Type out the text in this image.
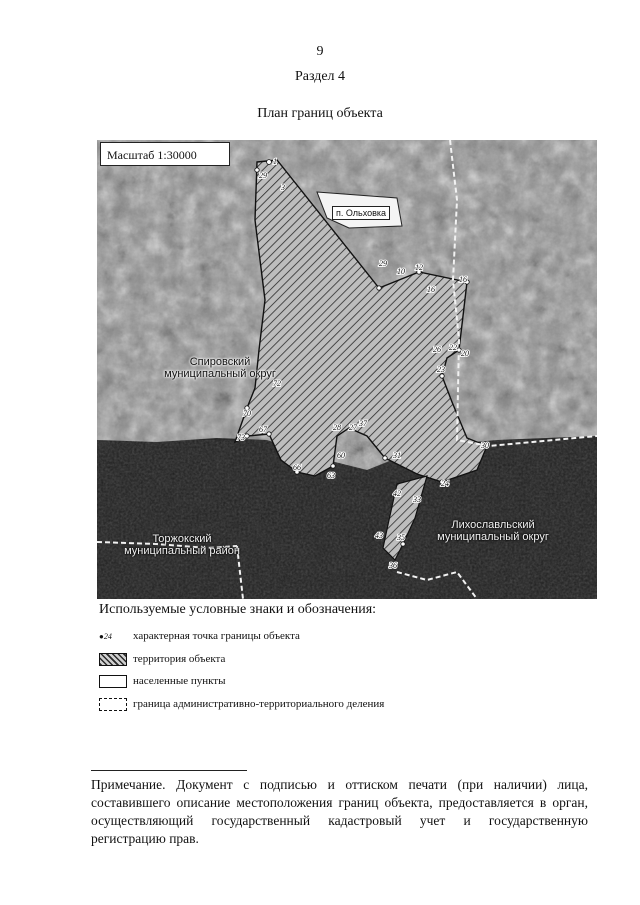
9
Раздел 4
План границ объекта
29
1
3
29
10 12
16
16
26 22
20
23
30
24
31
33
42
28 27
60
63
66
67
70
73
72
43 35
36
37
Масштаб 1:30000
п. Ольховка
Спировский
муниципальный округ
Торжокский
муниципальный район
Лихославльский
муниципальный округ
Используемые условные знаки и обозначения:
●24	характерная точка границы объекта
территория объекта
населенные пункты
граница административно-территориального деления
Примечание. Документ с подписью и оттиском печати (при наличии) лица, составившего описание местоположения границ объекта, предоставляется в орган, осуществляющий государственный кадастровый учет и государственную регистрацию прав.
